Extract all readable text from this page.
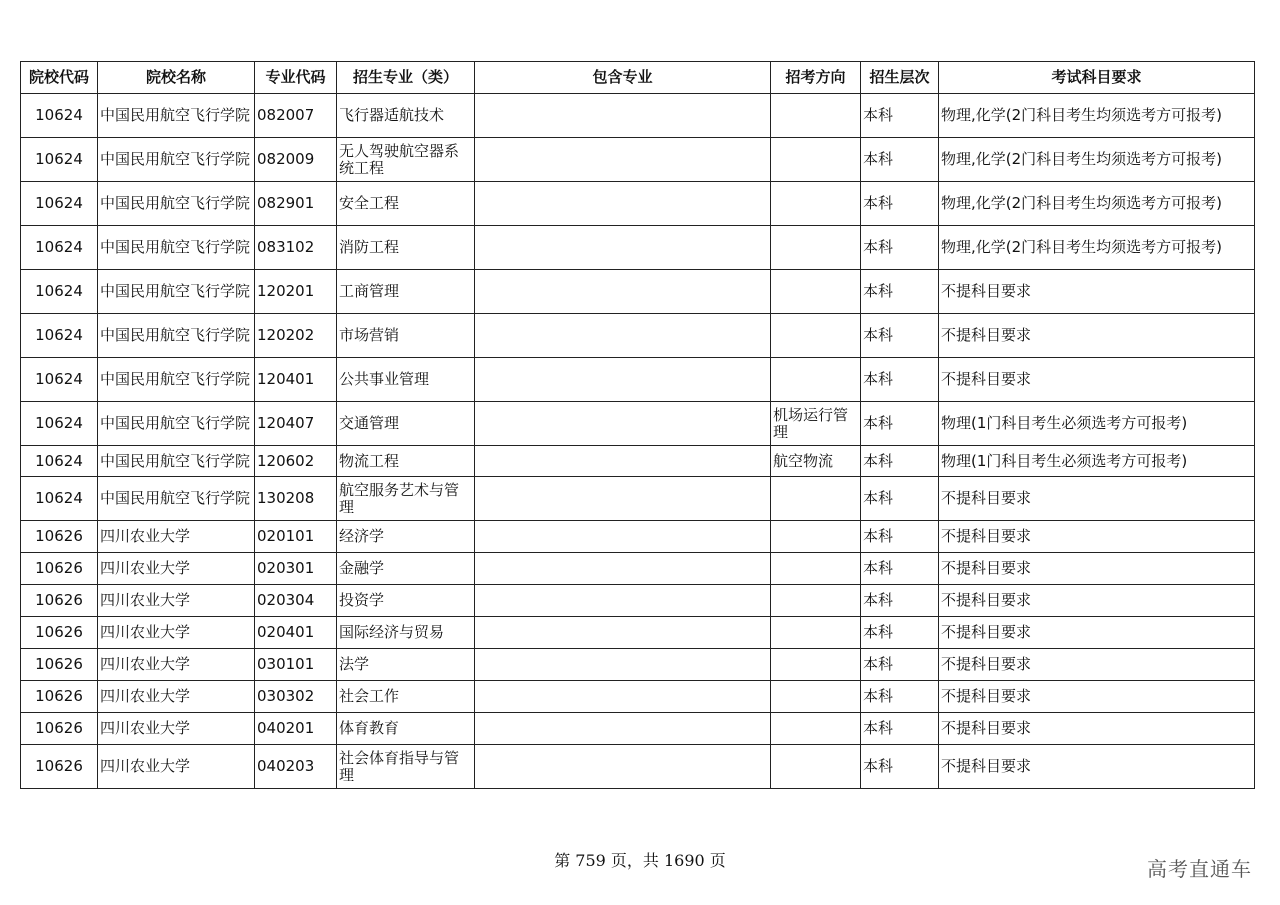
院校代码	院校名称	专业代码	招生专业（类）	包含专业	招考方向	招生层次	考试科目要求
10624	中国民用航空飞行学院	082007	飞行器适航技术			本科	物理,化学(2门科目考生均须选考方可报考)
10624	中国民用航空飞行学院	082009	无人驾驶航空器系统工程			本科	物理,化学(2门科目考生均须选考方可报考)
10624	中国民用航空飞行学院	082901	安全工程			本科	物理,化学(2门科目考生均须选考方可报考)
10624	中国民用航空飞行学院	083102	消防工程			本科	物理,化学(2门科目考生均须选考方可报考)
10624	中国民用航空飞行学院	120201	工商管理			本科	不提科目要求
10624	中国民用航空飞行学院	120202	市场营销			本科	不提科目要求
10624	中国民用航空飞行学院	120401	公共事业管理			本科	不提科目要求
10624	中国民用航空飞行学院	120407	交通管理		机场运行管理	本科	物理(1门科目考生必须选考方可报考)
10624	中国民用航空飞行学院	120602	物流工程		航空物流	本科	物理(1门科目考生必须选考方可报考)
10624	中国民用航空飞行学院	130208	航空服务艺术与管理			本科	不提科目要求
10626	四川农业大学	020101	经济学			本科	不提科目要求
10626	四川农业大学	020301	金融学			本科	不提科目要求
10626	四川农业大学	020304	投资学			本科	不提科目要求
10626	四川农业大学	020401	国际经济与贸易			本科	不提科目要求
10626	四川农业大学	030101	法学			本科	不提科目要求
10626	四川农业大学	030302	社会工作			本科	不提科目要求
10626	四川农业大学	040201	体育教育			本科	不提科目要求
10626	四川农业大学	040203	社会体育指导与管理			本科	不提科目要求
第 759 页，共 1690 页	高考直通车
